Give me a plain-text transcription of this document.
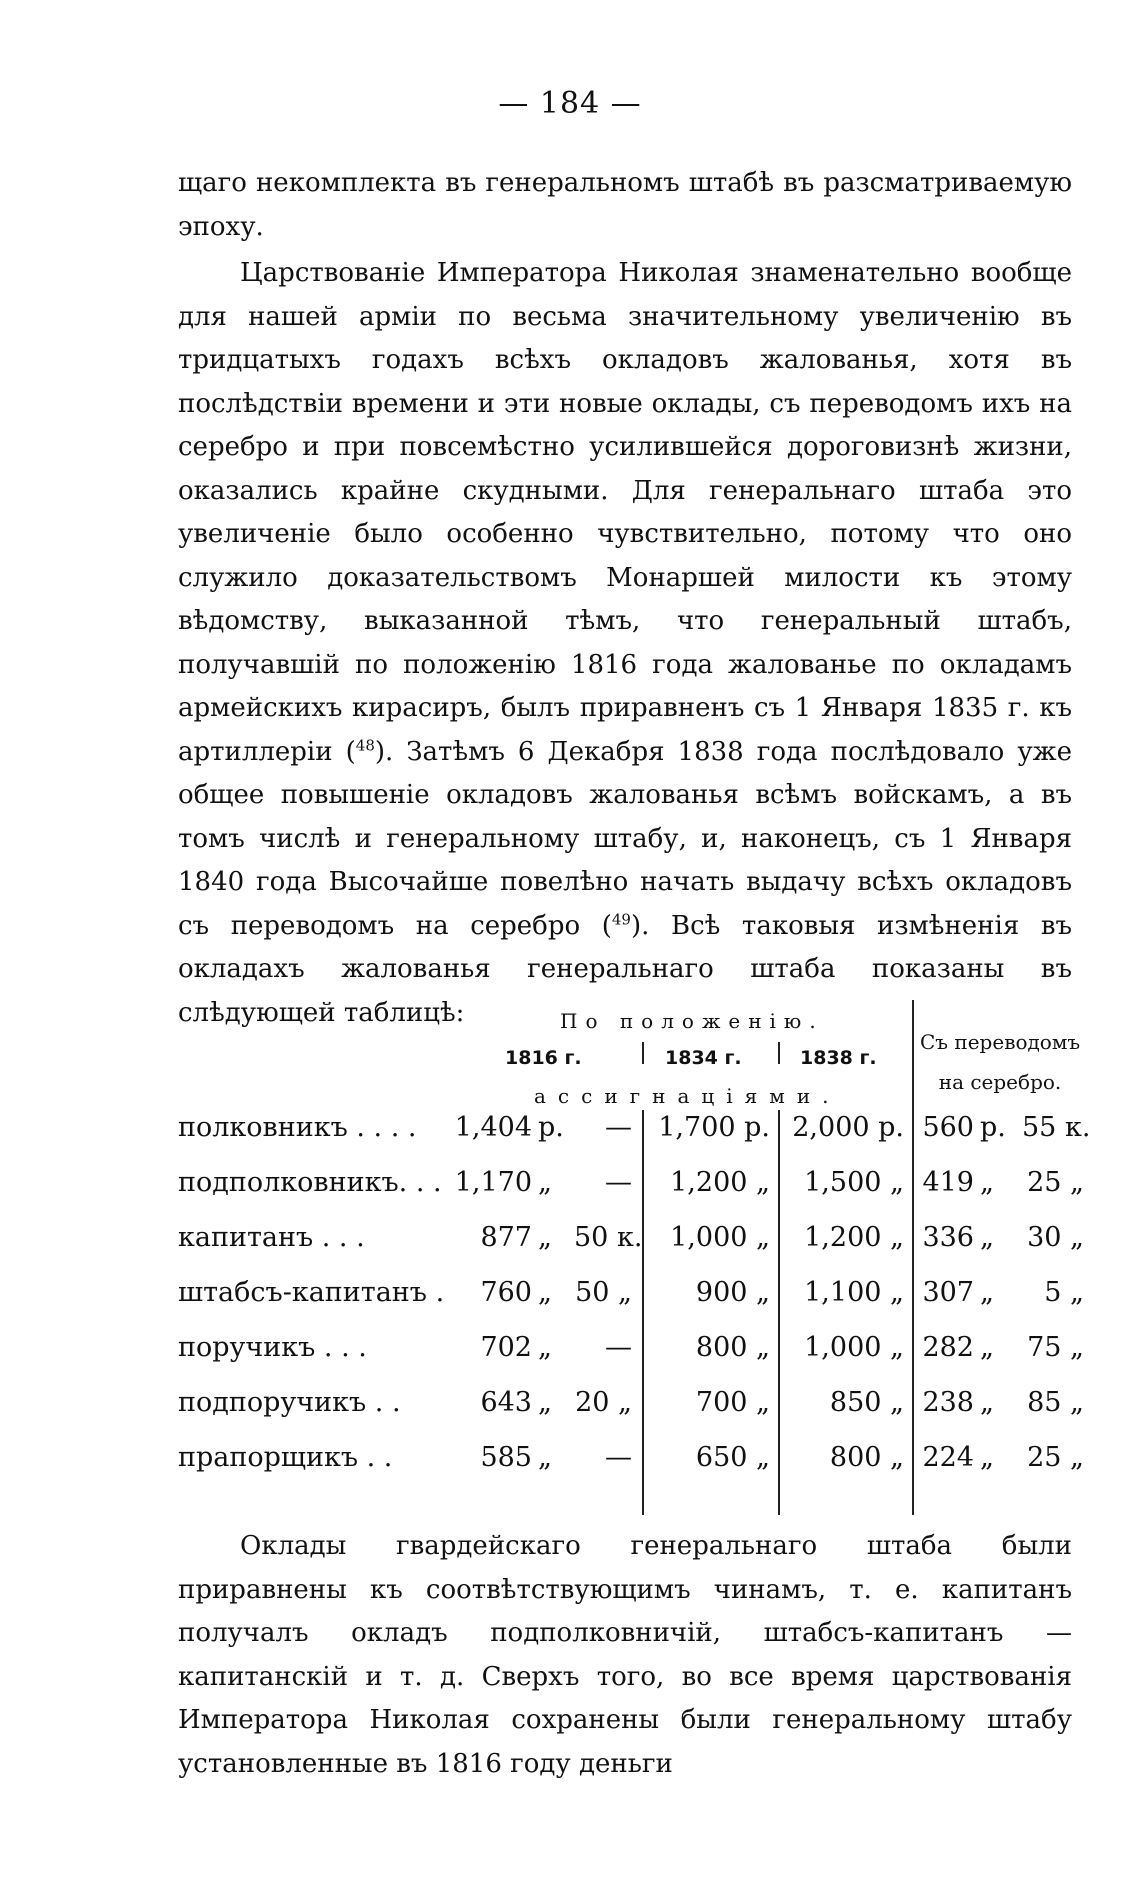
— 184 —

щаго некомплекта въ генеральномъ штабѣ въ разсматриваемую эпоху.

Царствованіе Императора Николая знаменательно вообще для нашей арміи по весьма значительному увеличенію въ тридцатыхъ годахъ всѣхъ окладовъ жалованья, хотя въ послѣдствіи времени и эти новые оклады, съ переводомъ ихъ на серебро и при повсемѣстно усилившейся дороговизнѣ жизни, оказались крайне скудными. Для генеральнаго штаба это увеличеніе было особенно чувствительно, потому что оно служило доказательствомъ Монаршей милости къ этому вѣдомству, выказанной тѣмъ, что генеральный штабъ, получавшій по положенію 1816 года жалованье по окладамъ армейскихъ кирасиръ, былъ приравненъ съ 1 Января 1835 г. къ артиллеріи ($^{48}$). Затѣмъ 6 Декабря 1838 года послѣдовало уже общее повышеніе окладовъ жалованья всѣмъ войскамъ, а въ томъ числѣ и генеральному штабу, и, наконецъ, съ 1 Января 1840 года Высочайше повелѣно начать выдачу всѣхъ окладовъ съ переводомъ на серебро ($^{49}$). Всѣ таковыя измѣненія въ окладахъ жалованья генеральнаго штаба показаны въ слѣдующей таблицѣ:	По положенію.
1816 г.	1834 г.	1838 г.
ассигнаціями.
Съ переводомъ
на серебро.
полковникъ . . . .	1,404 р.	— 1,700 р. 2,000 р. 560 р. 55 к.
подполковникъ. . . 1,170 „	—	1,200 „	1,500 „ 419 „	25 „
капитанъ . . .	877 „ 50 к.	1,000 „	1,200 „ 336 „	30 „
штабсъ-капитанъ .	760 „ 50 „	900 „	1,100 „ 307 „	5 „
поручикъ . . .	702 „	—	800 „	1,000 „ 282 „	75 „
подпоручикъ . .	643 „ 20 „	700 „	850 „ 238 „	85 „
прапорщикъ . .	585 „	—	650 „	800 „ 224 „	25 „

Оклады гвардейскаго генеральнаго штаба были приравнены къ соотвѣтствующимъ чинамъ, т. е. капитанъ получалъ окладъ подполковничій, штабсъ-капитанъ — капитанскій и т. д. Сверхъ того, во все время царствованія Императора Николая сохранены были генеральному штабу установленные въ 1816 году деньги
